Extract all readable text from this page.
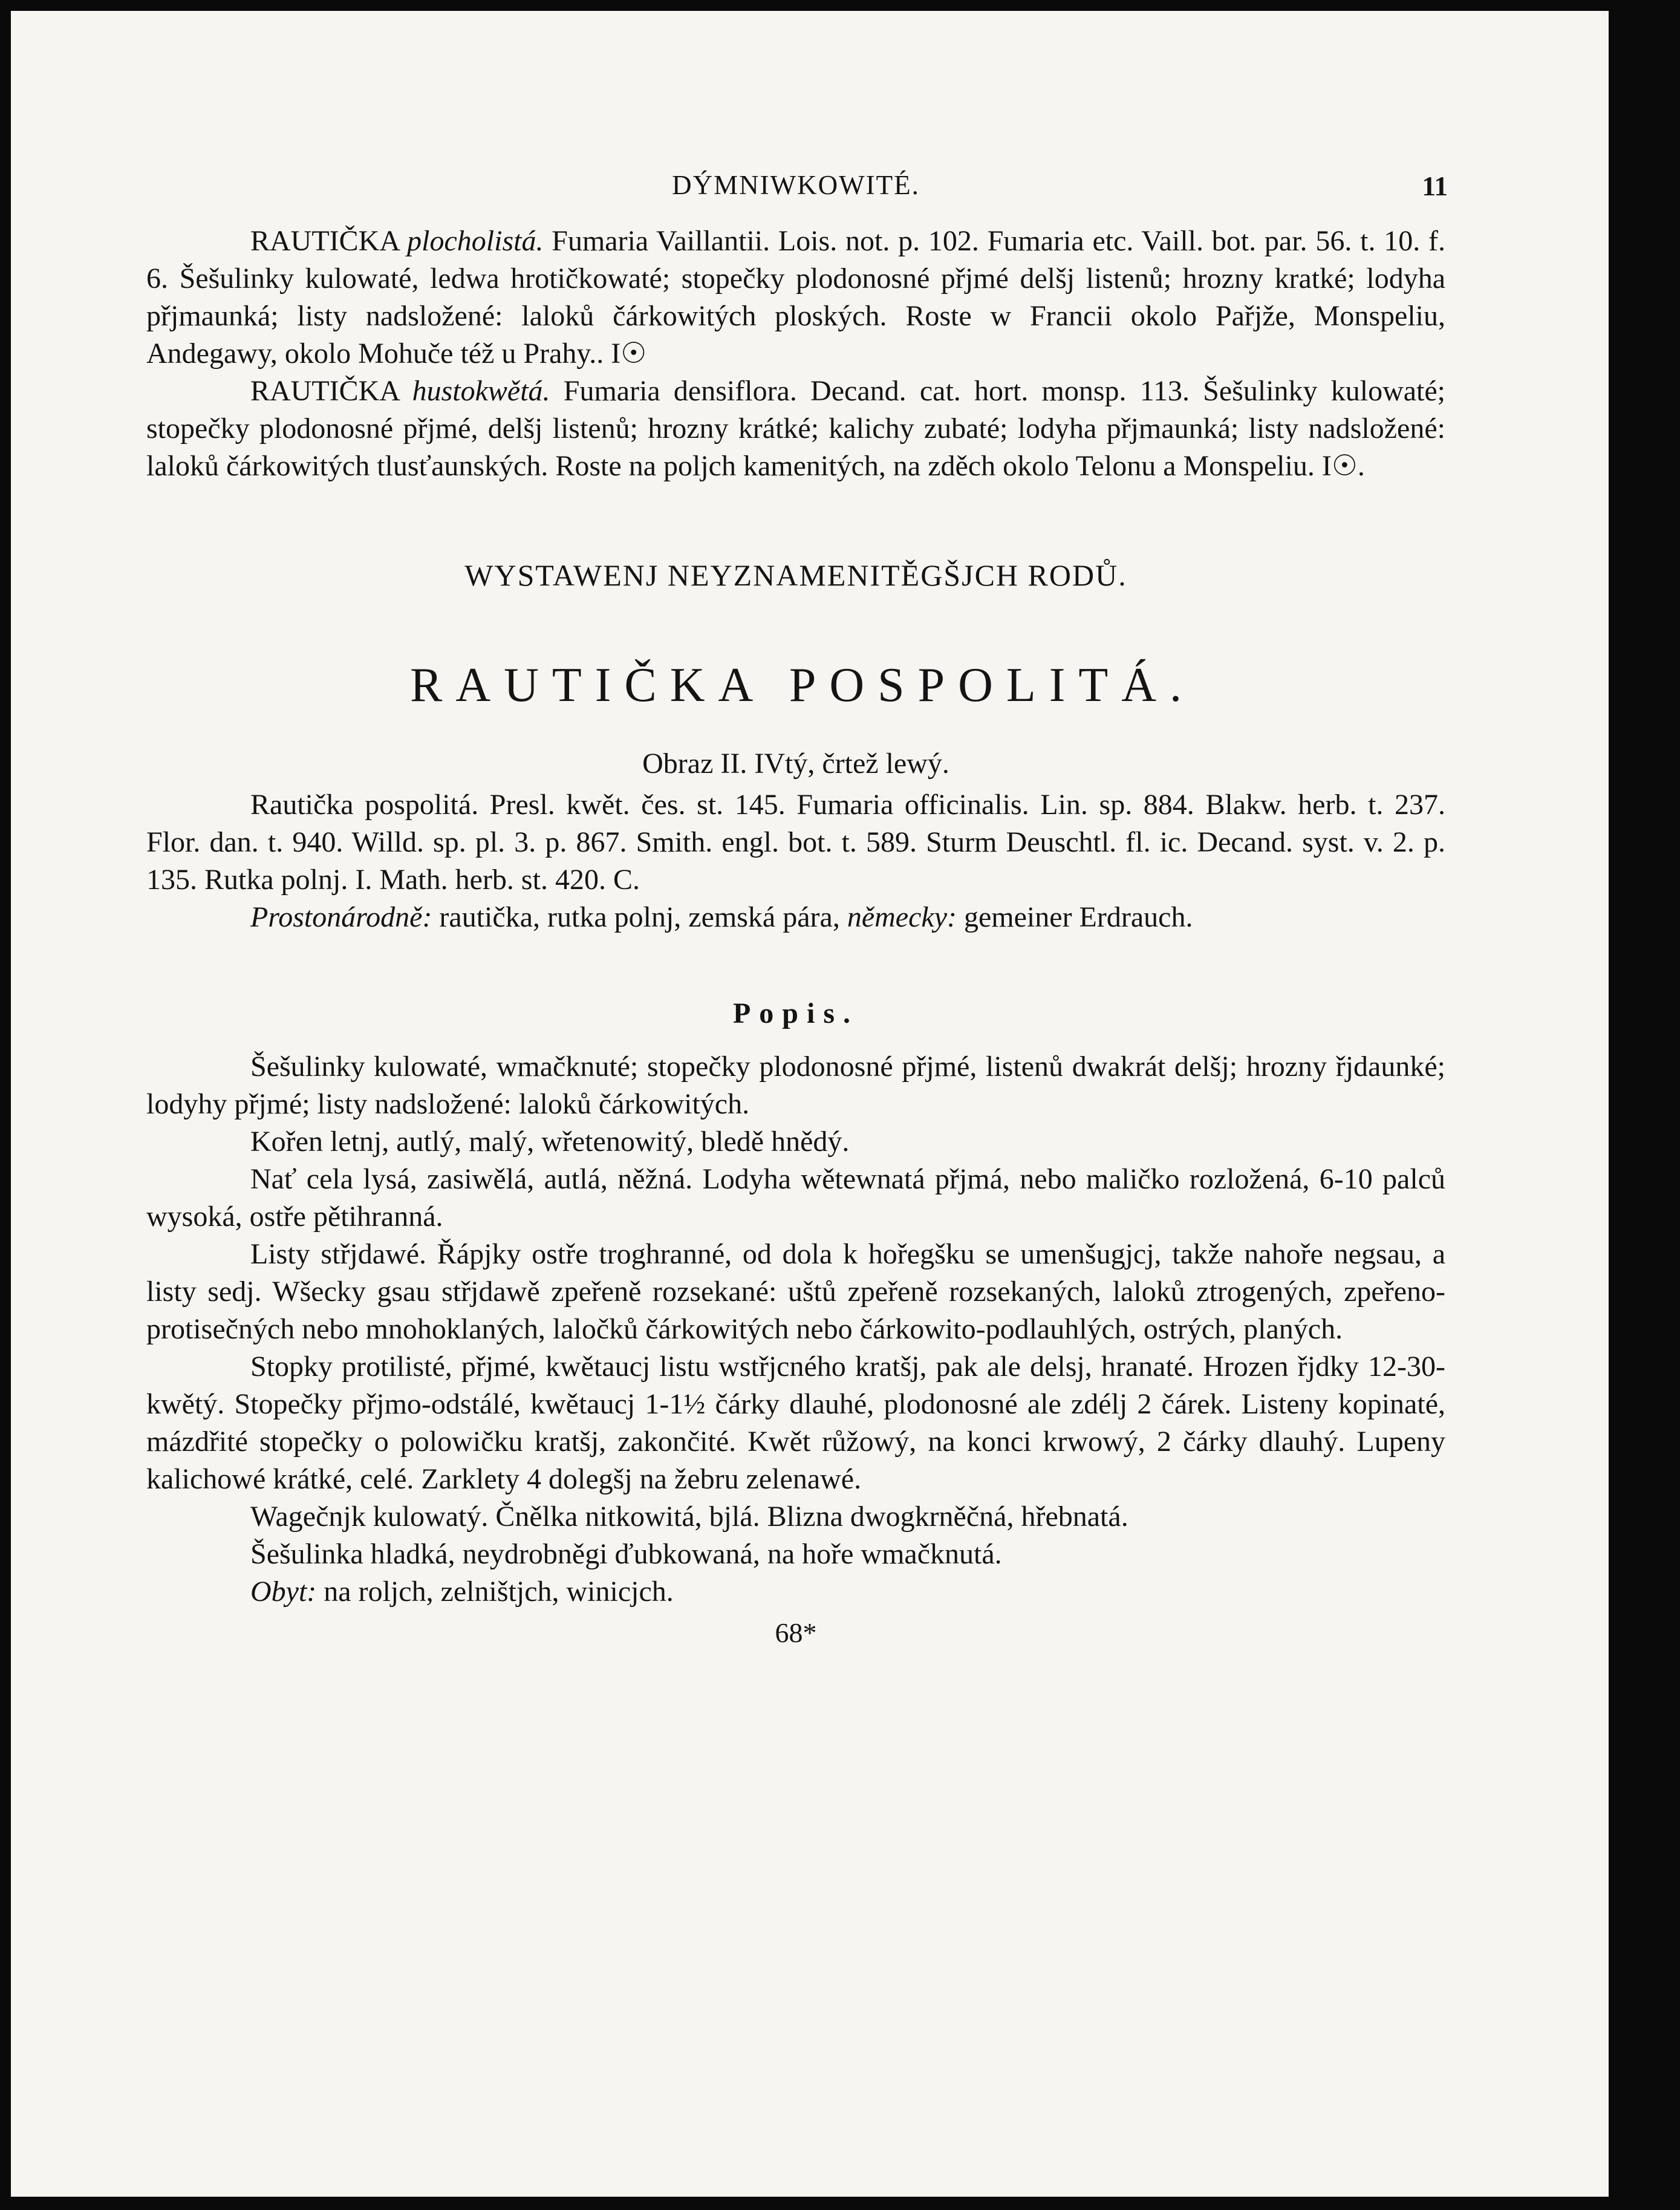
DÝMNIWKOWITÉ.	11

RAUTIČKA plocholistá. Fumaria Vaillantii. Lois. not. p. 102. Fumaria etc. Vaill. bot. par. 56. t. 10. f. 6. Šešulinky kulowaté, ledwa hrotičkowaté; stopečky plodonosné přjmé delšj listenů; hrozny kratké; lodyha přjmaunká; listy nadsložené: laloků čárkowitých ploských. Roste w Francii okolo Pařjže, Monspeliu, Andegawy, okolo Mohuče též u Prahy.. I☉

RAUTIČKA hustokwětá. Fumaria densiflora. Decand. cat. hort. monsp. 113. Šešulinky kulowaté; stopečky plodonosné přjmé, delšj listenů; hrozny krátké; kalichy zubaté; lodyha přjmaunká; listy nadsložené: laloků čárkowitých tlusťaunských. Roste na poljch kamenitých, na zděch okolo Telonu a Monspeliu. I☉.

WYSTAWENJ NEYZNAMENITĚGŠJCH RODŮ.
RAUTIČKA POSPOLITÁ.
Obraz II. IVtý, črtež lewý.

Rautička pospolitá. Presl. kwět. čes. st. 145. Fumaria officinalis. Lin. sp. 884. Blakw. herb. t. 237. Flor. dan. t. 940. Willd. sp. pl. 3. p. 867. Smith. engl. bot. t. 589. Sturm Deuschtl. fl. ic. Decand. syst. v. 2. p. 135. Rutka polnj. I. Math. herb. st. 420. C.

Prostonárodně: rautička, rutka polnj, zemská pára, německy: gemeiner Erdrauch.

Popis.

Šešulinky kulowaté, wmačknuté; stopečky plodonosné přjmé, listenů dwakrát delšj; hrozny řjdaunké; lodyhy přjmé; listy nadsložené: laloků čárkowitých.

Kořen letnj, autlý, malý, wřetenowitý, bledě hnědý.

Nať cela lysá, zasiwělá, autlá, něžná. Lodyha wětewnatá přjmá, nebo maličko rozložená, 6-10 palců wysoká, ostře pětihranná.

Listy střjdawé. Řápjky ostře troghranné, od dola k hořegšku se umenšugjcj, takže nahoře negsau, a listy sedj. Wšecky gsau střjdawě zpeřeně rozsekané: uštů zpeřeně rozsekaných, laloků ztrogených, zpeřeno-protisečných nebo mnohoklaných, laločků čárkowitých nebo čárkowito-podlauhlých, ostrých, planých.

Stopky protilisté, přjmé, kwětaucj listu wstřjcného kratšj, pak ale delsj, hranaté. Hrozen řjdky 12-30-kwětý. Stopečky přjmo-odstálé, kwětaucj 1-1½ čárky dlauhé, plodonosné ale zdélj 2 čárek. Listeny kopinaté, mázdřité stopečky o polowičku kratšj, zakončité. Kwět růžowý, na konci krwowý, 2 čárky dlauhý. Lupeny kalichowé krátké, celé. Zarklety 4 dolegšj na žebru zelenawé.

Wagečnjk kulowatý. Čnělka nitkowitá, bjlá. Blizna dwogkrněčná, hřebnatá.

Šešulinka hladká, neydrobněgi ďubkowaná, na hoře wmačknutá.

Obyt: na roljch, zelništjch, winicjch.

68*
